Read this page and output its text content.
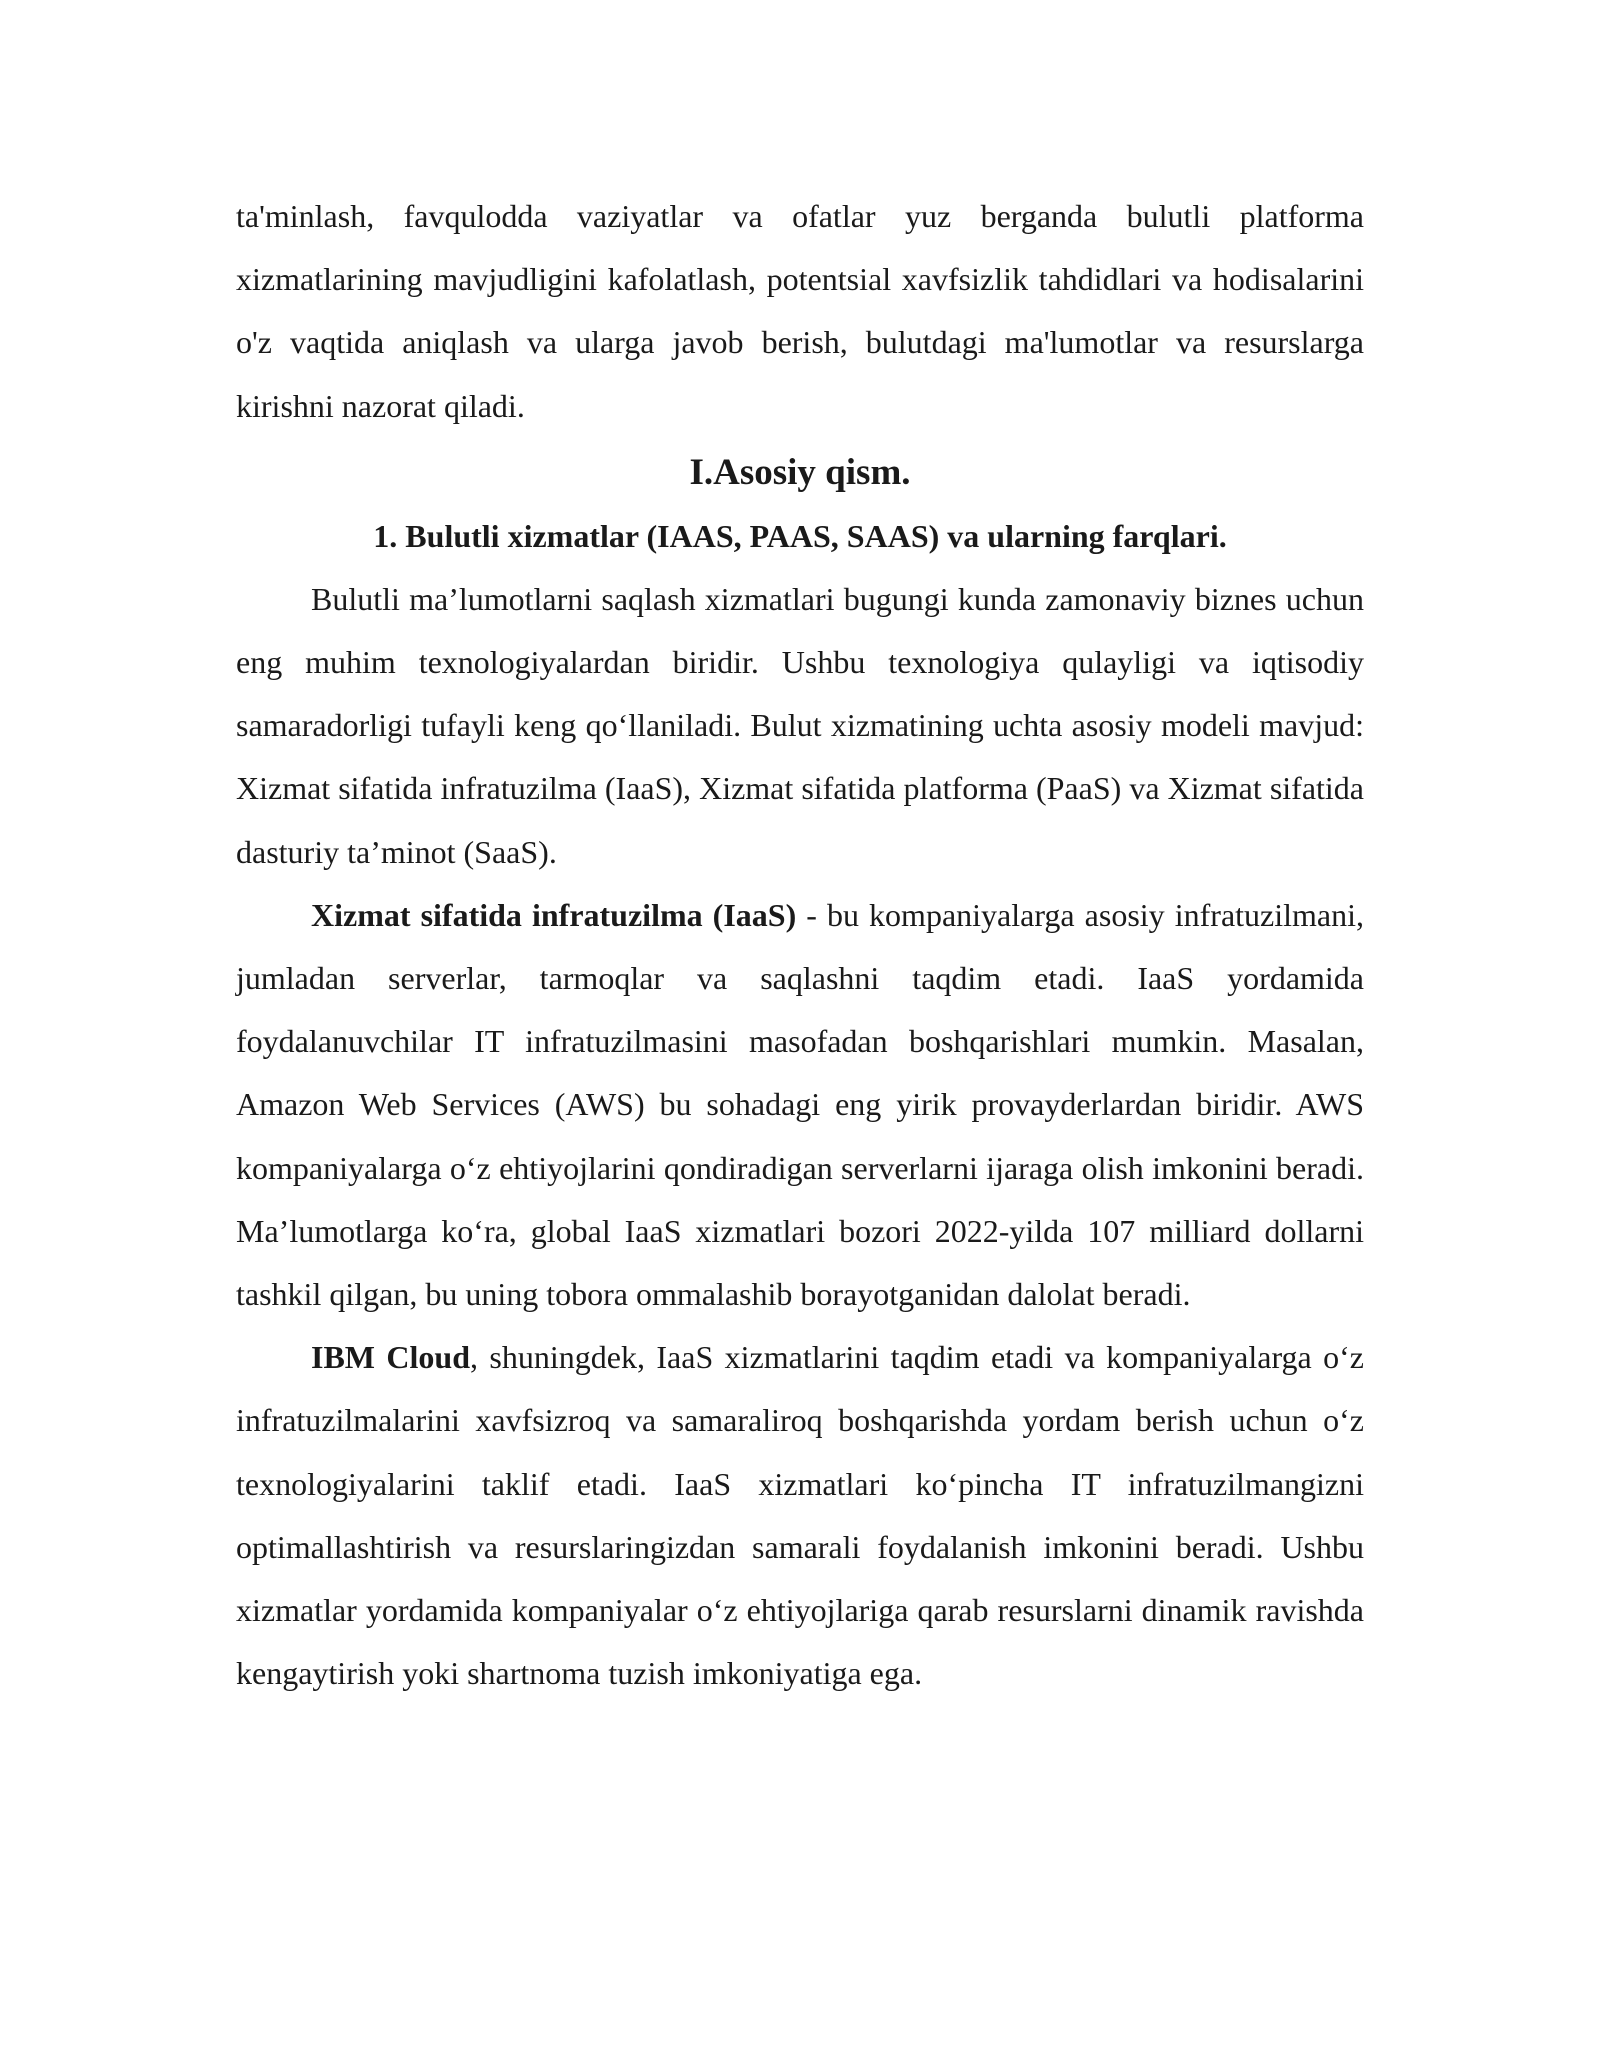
ta'minlash, favqulodda vaziyatlar va ofatlar yuz berganda bulutli platforma xizmatlarining mavjudligini kafolatlash, potentsial xavfsizlik tahdidlari va hodisalarini o'z vaqtida aniqlash va ularga javob berish, bulutdagi ma'lumotlar va resurslarga kirishni nazorat qiladi.

I.Asosiy qism.

1. Bulutli xizmatlar (IAAS, PAAS, SAAS) va ularning farqlari.

Bulutli ma’lumotlarni saqlash xizmatlari bugungi kunda zamonaviy biznes uchun eng muhim texnologiyalardan biridir. Ushbu texnologiya qulayligi va iqtisodiy samaradorligi tufayli keng qo‘llaniladi. Bulut xizmatining uchta asosiy modeli mavjud: Xizmat sifatida infratuzilma (IaaS), Xizmat sifatida platforma (PaaS) va Xizmat sifatida dasturiy ta’minot (SaaS).

Xizmat sifatida infratuzilma (IaaS) - bu kompaniyalarga asosiy infratuzilmani, jumladan serverlar, tarmoqlar va saqlashni taqdim etadi. IaaS yordamida foydalanuvchilar IT infratuzilmasini masofadan boshqarishlari mumkin. Masalan, Amazon Web Services (AWS) bu sohadagi eng yirik provayderlardan biridir. AWS kompaniyalarga o‘z ehtiyojlarini qondiradigan serverlarni ijaraga olish imkonini beradi. Ma’lumotlarga ko‘ra, global IaaS xizmatlari bozori 2022-yilda 107 milliard dollarni tashkil qilgan, bu uning tobora ommalashib borayotganidan dalolat beradi.

IBM Cloud, shuningdek, IaaS xizmatlarini taqdim etadi va kompaniyalarga o‘z infratuzilmalarini xavfsizroq va samaraliroq boshqarishda yordam berish uchun o‘z texnologiyalarini taklif etadi. IaaS xizmatlari ko‘pincha IT infratuzilmangizni optimallashtirish va resurslaringizdan samarali foydalanish imkonini beradi. Ushbu xizmatlar yordamida kompaniyalar o‘z ehtiyojlariga qarab resurslarni dinamik ravishda kengaytirish yoki shartnoma tuzish imkoniyatiga ega.
